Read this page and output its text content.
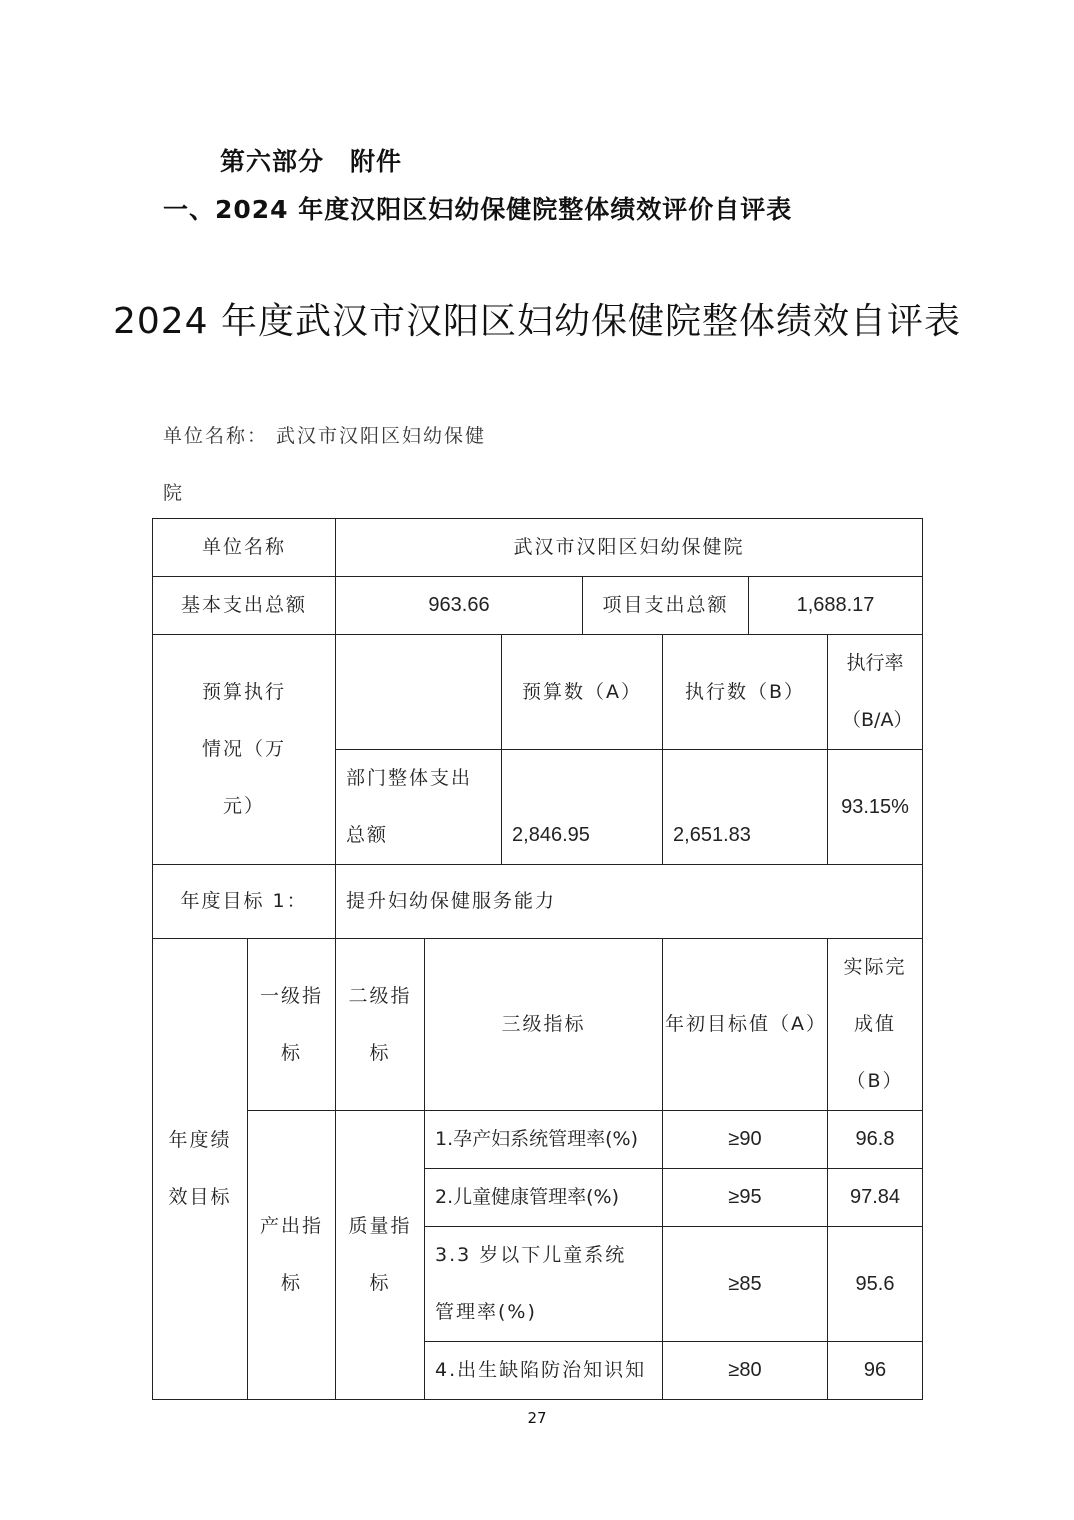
第六部分　附件
一、2024 年度汉阳区妇幼保健院整体绩效评价自评表
2024 年度武汉市汉阳区妇幼保健院整体绩效自评表
单位名称： 武汉市汉阳区妇幼保健
院
单位名称		武汉市汉阳区妇幼保健院						
基本支出总额		963.66			项目支出总额		1,688.17	
预算执行情况（万元）				预算数（A）		执行数（B）		执行率（B/A）
		部门整体支出总额		2,846.95		2,651.83		93.15%
年度目标 1：		提升妇幼保健服务能力						
年度绩效目标	一级指标	二级指标	三级指标			年初目标值（A）		实际完成值（B）
	产出指标	质量指标	1.孕产妇系统管理率(%)			≥90		96.8
			2.儿童健康管理率(%)			≥95		97.84
			3.3 岁以下儿童系统管理率(%)			≥85		95.6
			4.出生缺陷防治知识知			≥80		96
27
